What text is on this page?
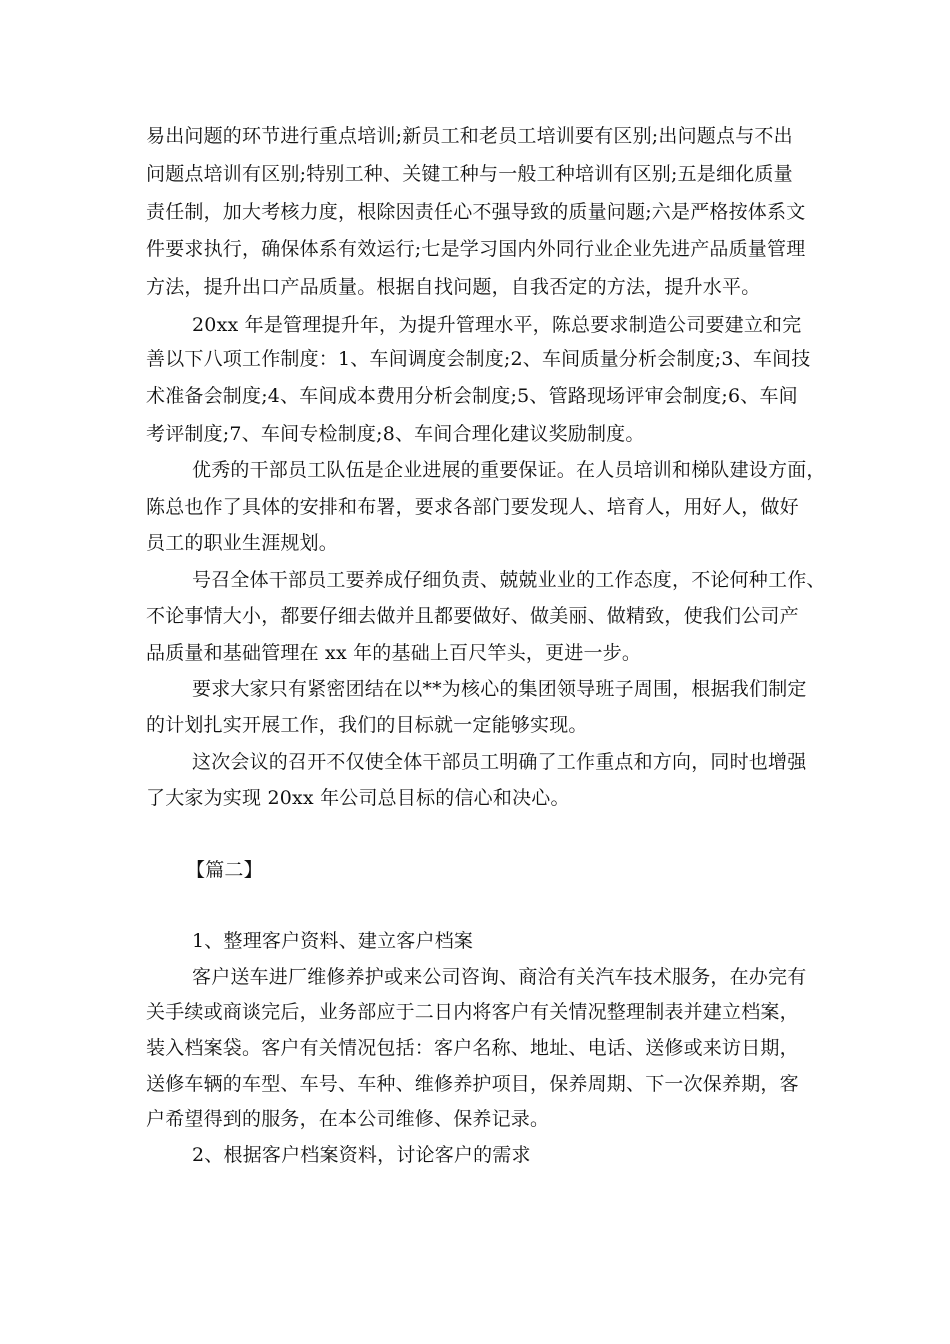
易出问题的环节进行重点培训;新员工和老员工培训要有区别;出问题点与不出
问题点培训有区别;特别工种、关键工种与一般工种培训有区别;五是细化质量
责任制，加大考核力度，根除因责任心不强导致的质量问题;六是严格按体系文
件要求执行，确保体系有效运行;七是学习国内外同行业企业先进产品质量管理
方法，提升出口产品质量。根据自找问题，自我否定的方法，提升水平。
20xx 年是管理提升年，为提升管理水平，陈总要求制造公司要建立和完
善以下八项工作制度：1、车间调度会制度;2、车间质量分析会制度;3、车间技
术准备会制度;4、车间成本费用分析会制度;5、管路现场评审会制度;6、车间
考评制度;7、车间专检制度;8、车间合理化建议奖励制度。
优秀的干部员工队伍是企业进展的重要保证。在人员培训和梯队建设方面，
陈总也作了具体的安排和布署，要求各部门要发现人、培育人，用好人，做好
员工的职业生涯规划。
号召全体干部员工要养成仔细负责、兢兢业业的工作态度，不论何种工作、
不论事情大小，都要仔细去做并且都要做好、做美丽、做精致，使我们公司产
品质量和基础管理在 xx 年的基础上百尺竿头，更进一步。
要求大家只有紧密团结在以**为核心的集团领导班子周围，根据我们制定
的计划扎实开展工作，我们的目标就一定能够实现。
这次会议的召开不仅使全体干部员工明确了工作重点和方向，同时也增强
了大家为实现 20xx 年公司总目标的信心和决心。
【篇二】
1、整理客户资料、建立客户档案
客户送车进厂维修养护或来公司咨询、商洽有关汽车技术服务，在办完有
关手续或商谈完后，业务部应于二日内将客户有关情况整理制表并建立档案，
装入档案袋。客户有关情况包括：客户名称、地址、电话、送修或来访日期，
送修车辆的车型、车号、车种、维修养护项目，保养周期、下一次保养期，客
户希望得到的服务，在本公司维修、保养记录。
2、根据客户档案资料，讨论客户的需求
